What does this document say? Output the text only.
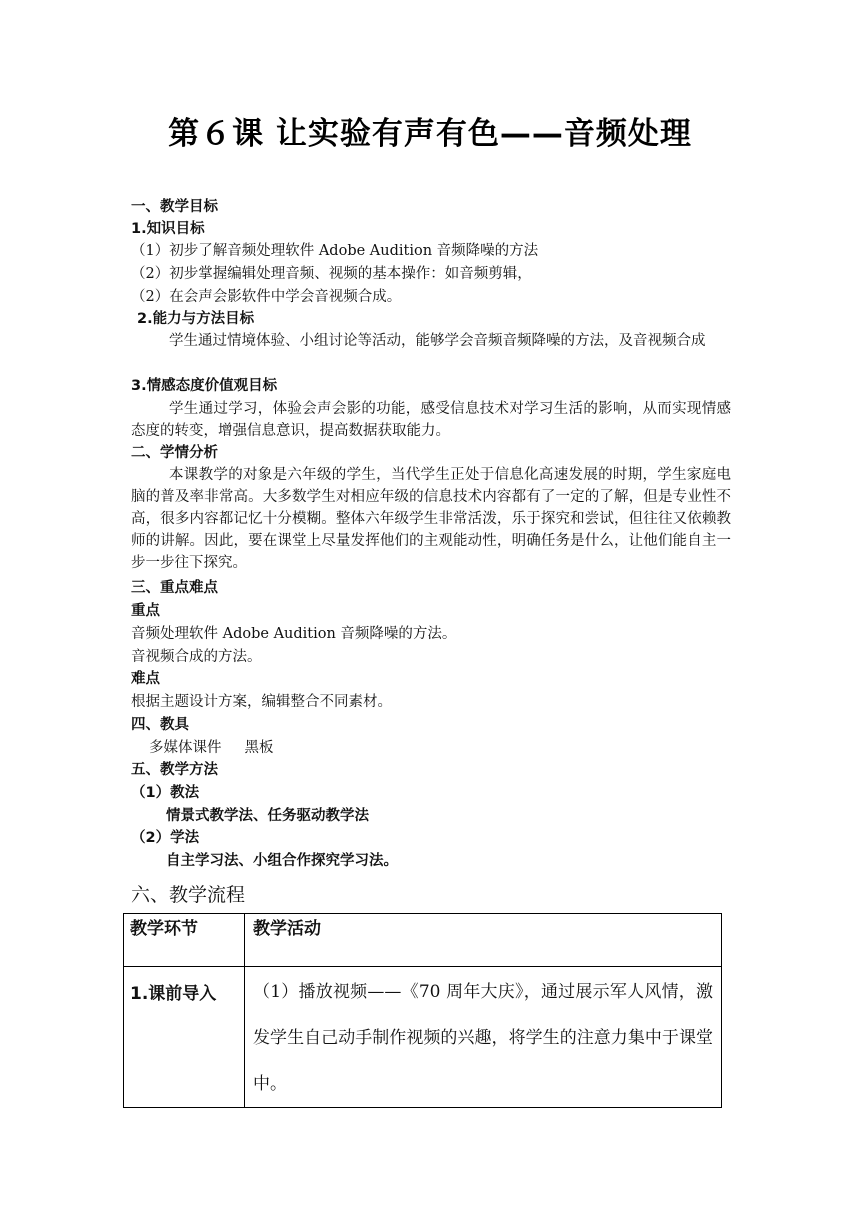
第６课 让实验有声有色——音频处理
一、教学目标
1.知识目标
（1）初步了解音频处理软件 Adobe Audition 音频降噪的方法
（2）初步掌握编辑处理音频、视频的基本操作：如音频剪辑，
（2）在会声会影软件中学会音视频合成。
2.能力与方法目标
学生通过情境体验、小组讨论等活动，能够学会音频音频降噪的方法，及音视频合成
3.情感态度价值观目标
学生通过学习，体验会声会影的功能，感受信息技术对学习生活的影响，从而实现情感态度的转变，增强信息意识，提高数据获取能力。
二、学情分析
本课教学的对象是六年级的学生，当代学生正处于信息化高速发展的时期，学生家庭电脑的普及率非常高。大多数学生对相应年级的信息技术内容都有了一定的了解，但是专业性不高，很多内容都记忆十分模糊。整体六年级学生非常活泼，乐于探究和尝试，但往往又依赖教师的讲解。因此，要在课堂上尽量发挥他们的主观能动性，明确任务是什么，让他们能自主一步一步往下探究。
三、重点难点
重点
音频处理软件 Adobe Audition 音频降噪的方法。
音视频合成的方法。
难点
根据主题设计方案，编辑整合不同素材。
四、教具
多媒体课件     黑板
五、教学方法
（1）教法
情景式教学法、任务驱动教学法
（2）学法
自主学习法、小组合作探究学习法。
六、教学流程
教学环节	教学活动
1.课前导入	（1）播放视频——《70 周年大庆》，通过展示军人风情，激发学生自己动手制作视频的兴趣，将学生的注意力集中于课堂中。
